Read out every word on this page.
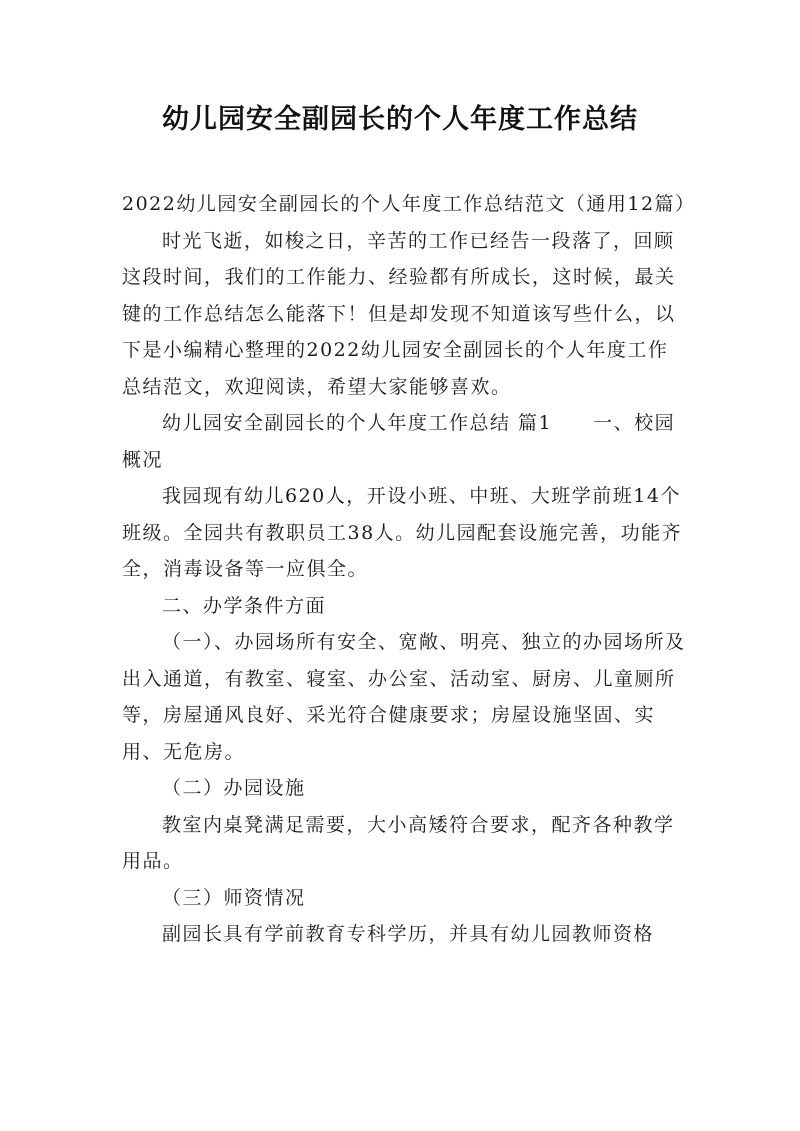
幼儿园安全副园长的个人年度工作总结

2022幼儿园安全副园长的个人年度工作总结范文（通用12篇）

时光飞逝，如梭之日，辛苦的工作已经告一段落了，回顾这段时间，我们的工作能力、经验都有所成长，这时候，最关键的工作总结怎么能落下！但是却发现不知道该写些什么，以下是小编精心整理的2022幼儿园安全副园长的个人年度工作总结范文，欢迎阅读，希望大家能够喜欢。

幼儿园安全副园长的个人年度工作总结 篇1　　一、校园概况

我园现有幼儿620人，开设小班、中班、大班学前班14个班级。全园共有教职员工38人。幼儿园配套设施完善，功能齐全，消毒设备等一应俱全。

二、办学条件方面

（一）、办园场所有安全、宽敞、明亮、独立的办园场所及出入通道，有教室、寝室、办公室、活动室、厨房、儿童厕所等，房屋通风良好、采光符合健康要求；房屋设施坚固、实用、无危房。

（二）办园设施

教室内桌凳满足需要，大小高矮符合要求，配齐各种教学用品。

（三）师资情况

副园长具有学前教育专科学历，并具有幼儿园教师资格
